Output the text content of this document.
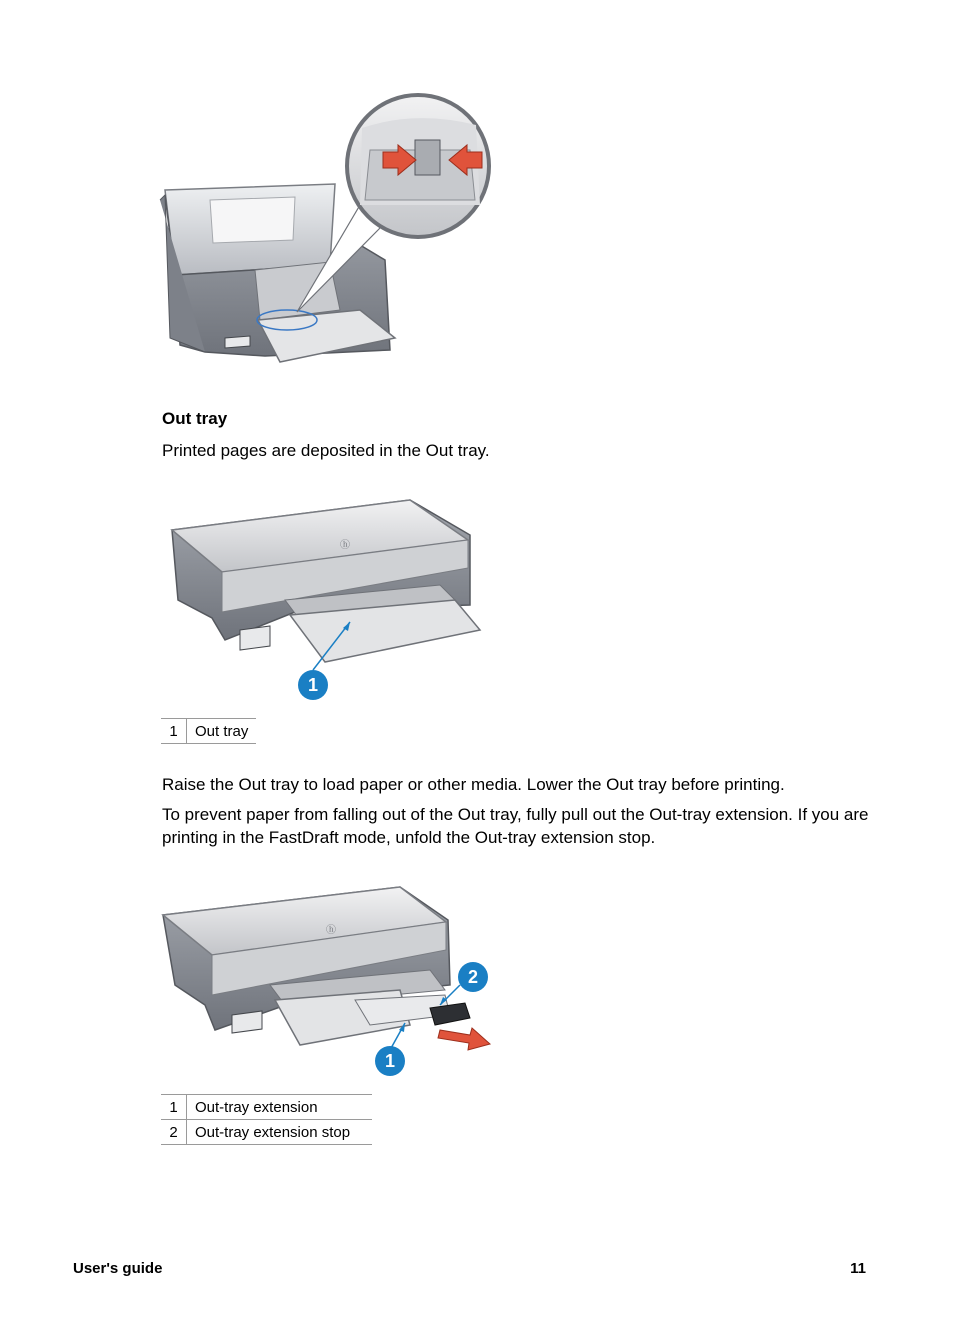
Out tray
Printed pages are deposited in the Out tray.
ⓗ
1
1	Out tray
Raise the Out tray to load paper or other media. Lower the Out tray before printing.
To prevent paper from falling out of the Out tray, fully pull out the Out-tray extension. If you are printing in the FastDraft mode, unfold the Out-tray extension stop.
ⓗ
1
2
1	Out-tray extension
2	Out-tray extension stop
User's guide	11
